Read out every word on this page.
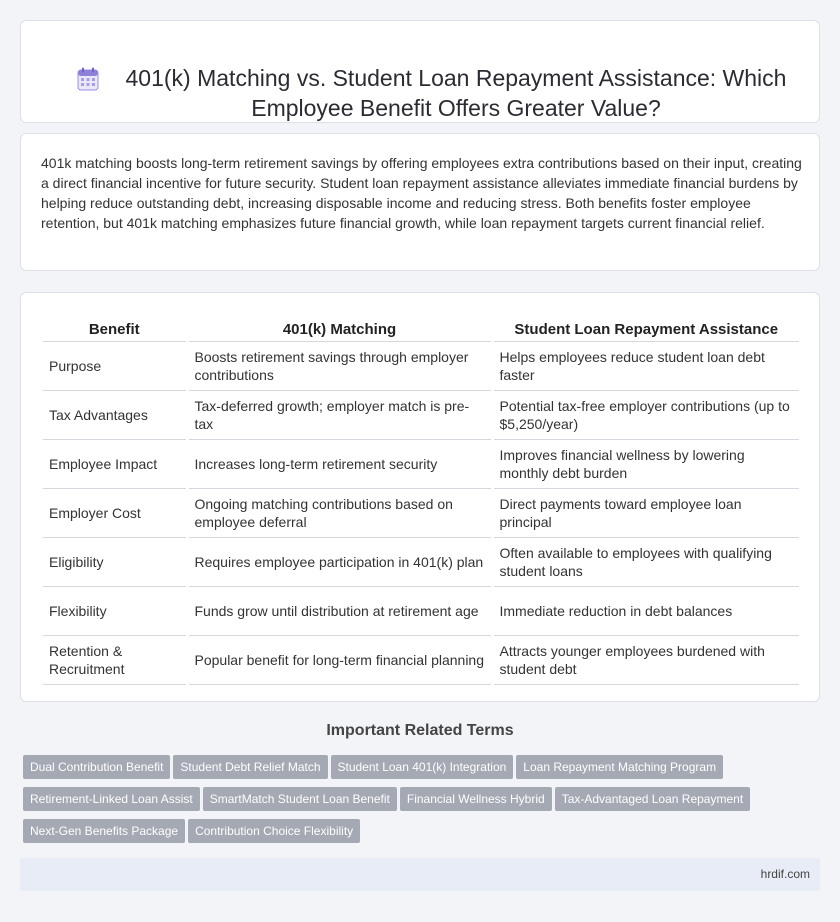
401(k) Matching vs. Student Loan Repayment Assistance: Which Employee Benefit Offers Greater Value?

401k matching boosts long-term retirement savings by offering employees extra contributions based on their input, creating a direct financial incentive for future security. Student loan repayment assistance alleviates immediate financial burdens by helping reduce outstanding debt, increasing disposable income and reducing stress. Both benefits foster employee retention, but 401k matching emphasizes future financial growth, while loan repayment targets current financial relief.

Benefit	401(k) Matching	Student Loan Repayment Assistance
Purpose	Boosts retirement savings through employer contributions	Helps employees reduce student loan debt faster
Tax Advantages	Tax-deferred growth; employer match is pre-tax	Potential tax-free employer contributions (up to $5,250/year)
Employee Impact	Increases long-term retirement security	Improves financial wellness by lowering monthly debt burden
Employer Cost	Ongoing matching contributions based on employee deferral	Direct payments toward employee loan principal
Eligibility	Requires employee participation in 401(k) plan	Often available to employees with qualifying student loans
Flexibility	Funds grow until distribution at retirement age	Immediate reduction in debt balances
Retention & Recruitment	Popular benefit for long-term financial planning	Attracts younger employees burdened with student debt
Important Related Terms
Dual Contribution Benefit Student Debt Relief Match Student Loan 401(k) Integration Loan Repayment Matching Program
Retirement-Linked Loan Assist SmartMatch Student Loan Benefit Financial Wellness Hybrid Tax-Advantaged Loan Repayment
Next-Gen Benefits Package Contribution Choice Flexibility
hrdif.com
